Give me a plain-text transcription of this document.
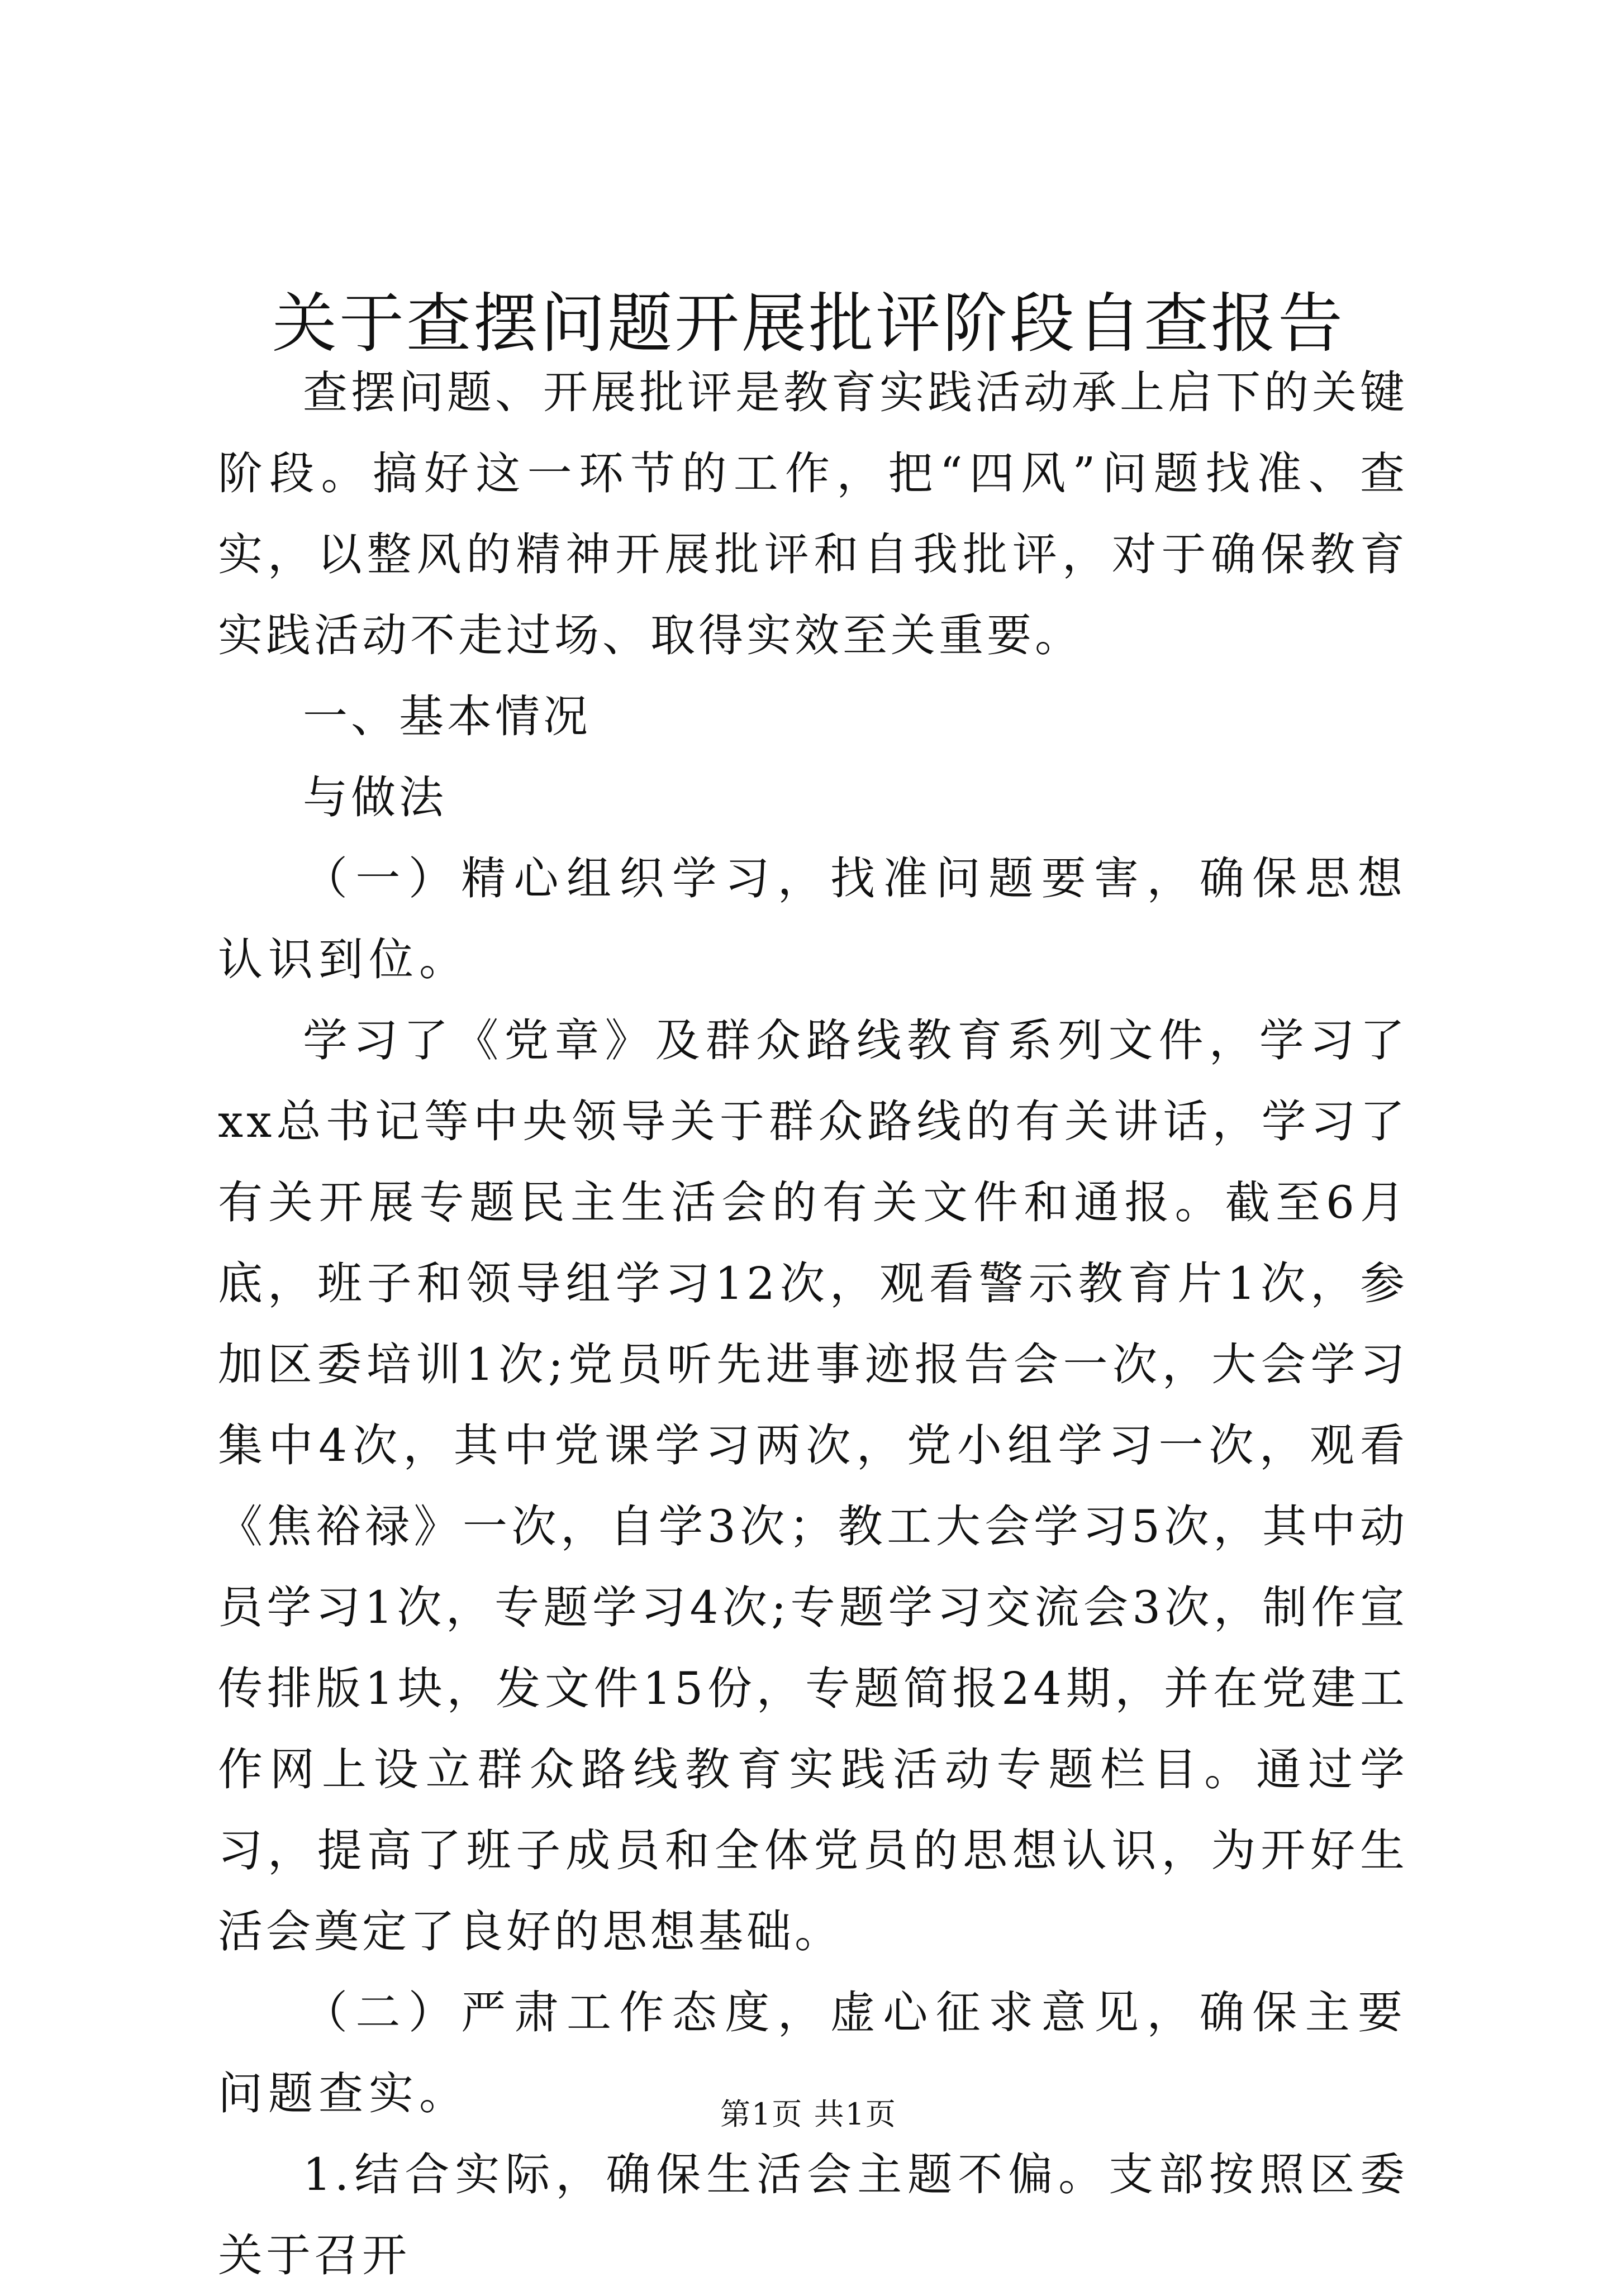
关于查摆问题开展批评阶段自查报告

查摆问题、开展批评是教育实践活动承上启下的关键阶段。搞好这一环节的工作，把“四风”问题找准、查实，以整风的精神开展批评和自我批评，对于确保教育实践活动不走过场、取得实效至关重要。

一、基本情况

与做法

（一）精心组织学习，找准问题要害，确保思想认识到位。

学习了《党章》及群众路线教育系列文件，学习了xx总书记等中央领导关于群众路线的有关讲话，学习了有关开展专题民主生活会的有关文件和通报。截至6月底，班子和领导组学习12次，观看警示教育片1次，参加区委培训1次;党员听先进事迹报告会一次，大会学习集中4次，其中党课学习两次，党小组学习一次，观看《焦裕禄》一次，自学3次；教工大会学习5次，其中动员学习1次，专题学习4次;专题学习交流会3次，制作宣传排版1块，发文件15份，专题简报24期，并在党建工作网上设立群众路线教育实践活动专题栏目。通过学习，提高了班子成员和全体党员的思想认识，为开好生活会奠定了良好的思想基础。

（二）严肃工作态度，虚心征求意见，确保主要问题查实。

1.结合实际，确保生活会主题不偏。支部按照区委关于召开

第1页 共1页
